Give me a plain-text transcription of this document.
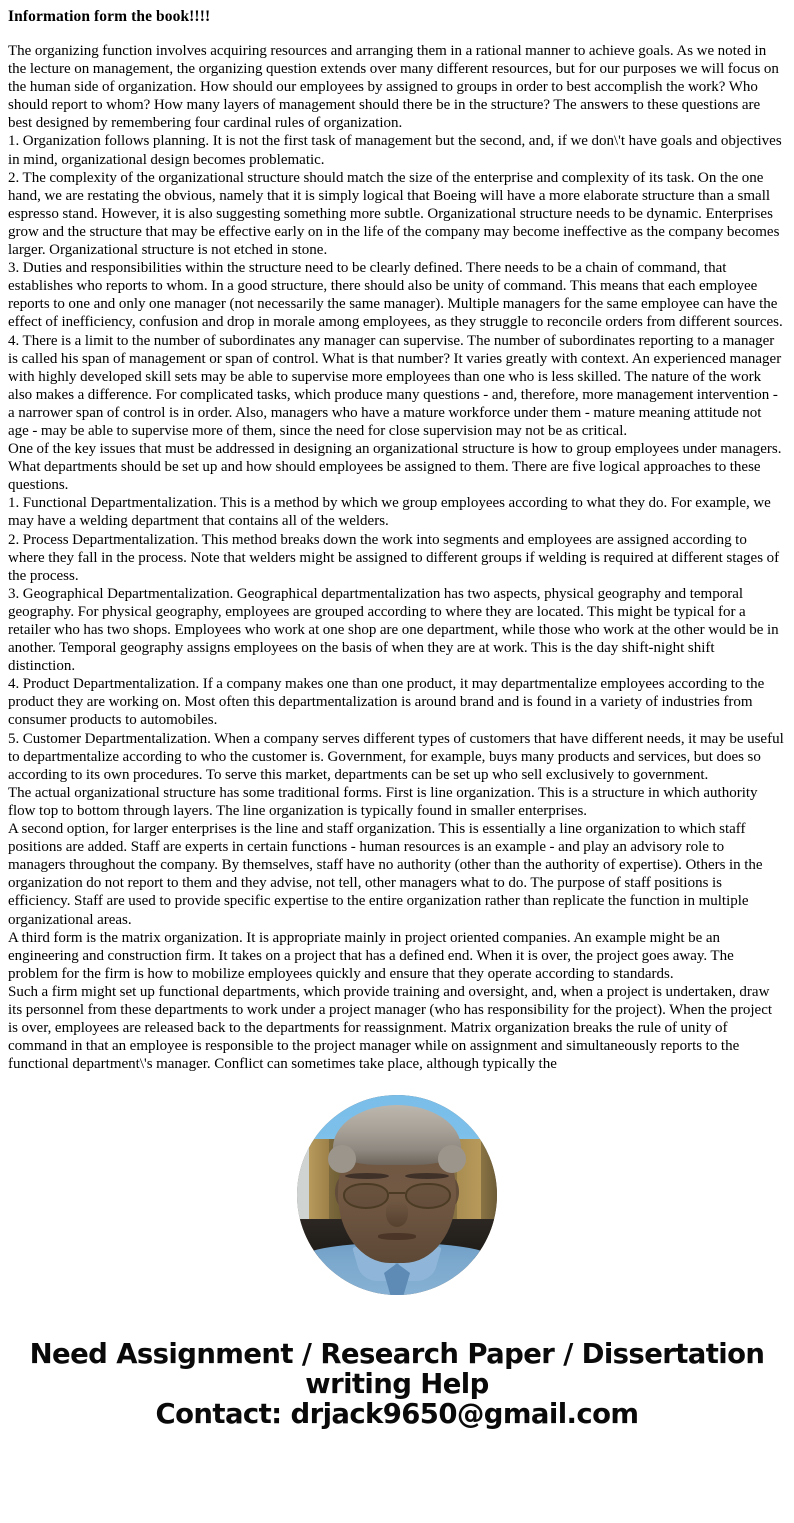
Information form the book!!!!

The organizing function involves acquiring resources and arranging them in a rational manner to achieve goals. As we noted in the lecture on management, the organizing question extends over many different resources, but for our purposes we will focus on the human side of organization. How should our employees by assigned to groups in order to best accomplish the work? Who should report to whom? How many layers of management should there be in the structure? The answers to these questions are best designed by remembering four cardinal rules of organization.

1. Organization follows planning. It is not the first task of management but the second, and, if we don\'t have goals and objectives in mind, organizational design becomes problematic.

2. The complexity of the organizational structure should match the size of the enterprise and complexity of its task. On the one hand, we are restating the obvious, namely that it is simply logical that Boeing will have a more elaborate structure than a small espresso stand. However, it is also suggesting something more subtle. Organizational structure needs to be dynamic. Enterprises grow and the structure that may be effective early on in the life of the company may become ineffective as the company becomes larger. Organizational structure is not etched in stone.

3. Duties and responsibilities within the structure need to be clearly defined. There needs to be a chain of command, that establishes who reports to whom. In a good structure, there should also be unity of command. This means that each employee reports to one and only one manager (not necessarily the same manager). Multiple managers for the same employee can have the effect of inefficiency, confusion and drop in morale among employees, as they struggle to reconcile orders from different sources.

4. There is a limit to the number of subordinates any manager can supervise. The number of subordinates reporting to a manager is called his span of management or span of control. What is that number? It varies greatly with context. An experienced manager with highly developed skill sets may be able to supervise more employees than one who is less skilled. The nature of the work also makes a difference. For complicated tasks, which produce many questions - and, therefore, more management intervention - a narrower span of control is in order. Also, managers who have a mature workforce under them - mature meaning attitude not age - may be able to supervise more of them, since the need for close supervision may not be as critical.

One of the key issues that must be addressed in designing an organizational structure is how to group employees under managers. What departments should be set up and how should employees be assigned to them. There are five logical approaches to these questions.

1. Functional Departmentalization. This is a method by which we group employees according to what they do. For example, we may have a welding department that contains all of the welders.

2. Process Departmentalization. This method breaks down the work into segments and employees are assigned according to where they fall in the process. Note that welders might be assigned to different groups if welding is required at different stages of the process.

3. Geographical Departmentalization. Geographical departmentalization has two aspects, physical geography and temporal geography. For physical geography, employees are grouped according to where they are located. This might be typical for a retailer who has two shops. Employees who work at one shop are one department, while those who work at the other would be in another. Temporal geography assigns employees on the basis of when they are at work. This is the day shift-night shift distinction.

4. Product Departmentalization. If a company makes one than one product, it may departmentalize employees according to the product they are working on. Most often this departmentalization is around brand and is found in a variety of industries from consumer products to automobiles.

5. Customer Departmentalization. When a company serves different types of customers that have different needs, it may be useful to departmentalize according to who the customer is. Government, for example, buys many products and services, but does so according to its own procedures. To serve this market, departments can be set up who sell exclusively to government.

The actual organizational structure has some traditional forms. First is line organization. This is a structure in which authority flow top to bottom through layers. The line organization is typically found in smaller enterprises.

A second option, for larger enterprises is the line and staff organization. This is essentially a line organization to which staff positions are added. Staff are experts in certain functions - human resources is an example - and play an advisory role to managers throughout the company. By themselves, staff have no authority (other than the authority of expertise). Others in the organization do not report to them and they advise, not tell, other managers what to do. The purpose of staff positions is efficiency. Staff are used to provide specific expertise to the entire organization rather than replicate the function in multiple organizational areas.

A third form is the matrix organization. It is appropriate mainly in project oriented companies. An example might be an engineering and construction firm. It takes on a project that has a defined end. When it is over, the project goes away. The problem for the firm is how to mobilize employees quickly and ensure that they operate according to standards.

Such a firm might set up functional departments, which provide training and oversight, and, when a project is undertaken, draw its personnel from these departments to work under a project manager (who has responsibility for the project). When the project is over, employees are released back to the departments for reassignment. Matrix organization breaks the rule of unity of command in that an employee is responsible to the project manager while on assignment and simultaneously reports to the functional department\'s manager. Conflict can sometimes take place, although typically the

Need Assignment / Research Paper / Dissertation
writing Help
Contact: drjack9650@gmail.com
